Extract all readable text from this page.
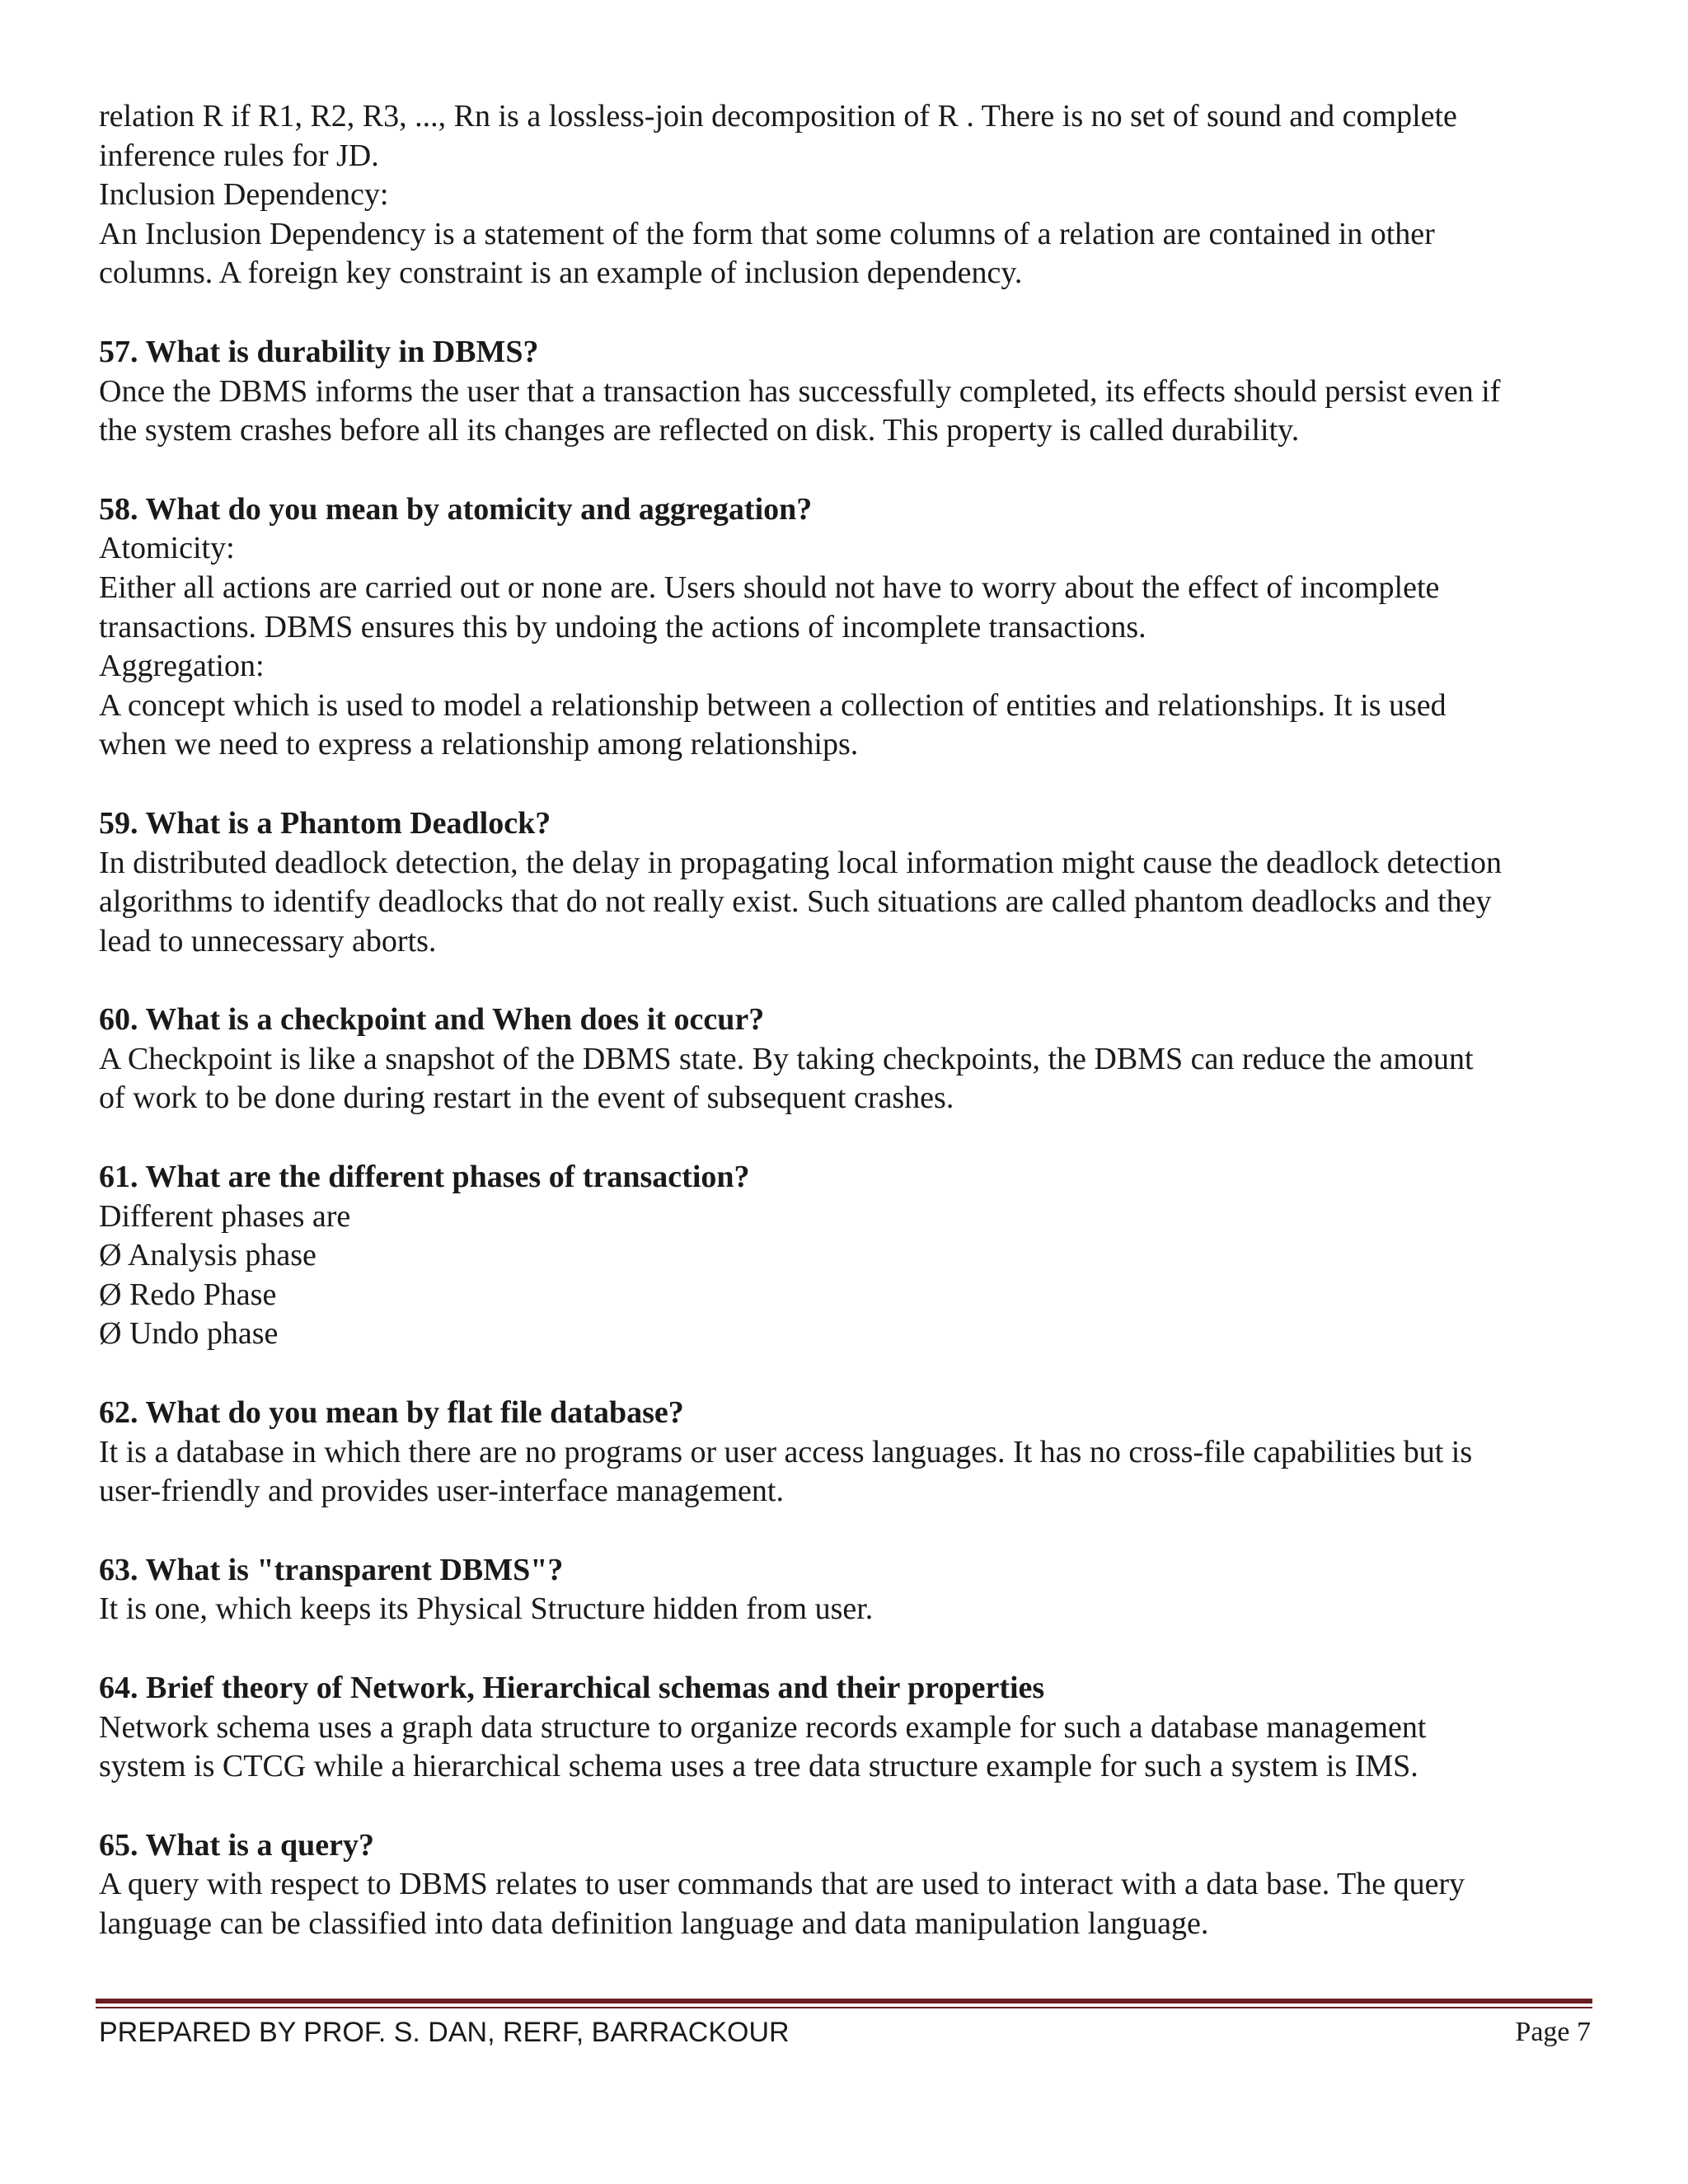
relation R if R1, R2, R3, ..., Rn is a lossless-join decomposition of R . There is no set of sound and complete
inference rules for JD.
Inclusion Dependency:
An Inclusion Dependency is a statement of the form that some columns of a relation are contained in other
columns. A foreign key constraint is an example of inclusion dependency.

57. What is durability in DBMS?

Once the DBMS informs the user that a transaction has successfully completed, its effects should persist even if
the system crashes before all its changes are reflected on disk. This property is called durability.

58. What do you mean by atomicity and aggregation?

Atomicity:
Either all actions are carried out or none are. Users should not have to worry about the effect of incomplete
transactions. DBMS ensures this by undoing the actions of incomplete transactions.
Aggregation:
A concept which is used to model a relationship between a collection of entities and relationships. It is used
when we need to express a relationship among relationships.

59. What is a Phantom Deadlock?

In distributed deadlock detection, the delay in propagating local information might cause the deadlock detection
algorithms to identify deadlocks that do not really exist. Such situations are called phantom deadlocks and they
lead to unnecessary aborts.

60. What is a checkpoint and When does it occur?

A Checkpoint is like a snapshot of the DBMS state. By taking checkpoints, the DBMS can reduce the amount
of work to be done during restart in the event of subsequent crashes.

61. What are the different phases of transaction?

Different phases are
Ø Analysis phase
Ø Redo Phase
Ø Undo phase

62. What do you mean by flat file database?

It is a database in which there are no programs or user access languages. It has no cross-file capabilities but is
user-friendly and provides user-interface management.

63. What is "transparent DBMS"?

It is one, which keeps its Physical Structure hidden from user.

64. Brief theory of Network, Hierarchical schemas and their properties

Network schema uses a graph data structure to organize records example for such a database management
system is CTCG while a hierarchical schema uses a tree data structure example for such a system is IMS.

65. What is a query?

A query with respect to DBMS relates to user commands that are used to interact with a data base. The query
language can be classified into data definition language and data manipulation language.

PREPARED BY PROF. S. DAN, RERF, BARRACKOUR	Page 7
